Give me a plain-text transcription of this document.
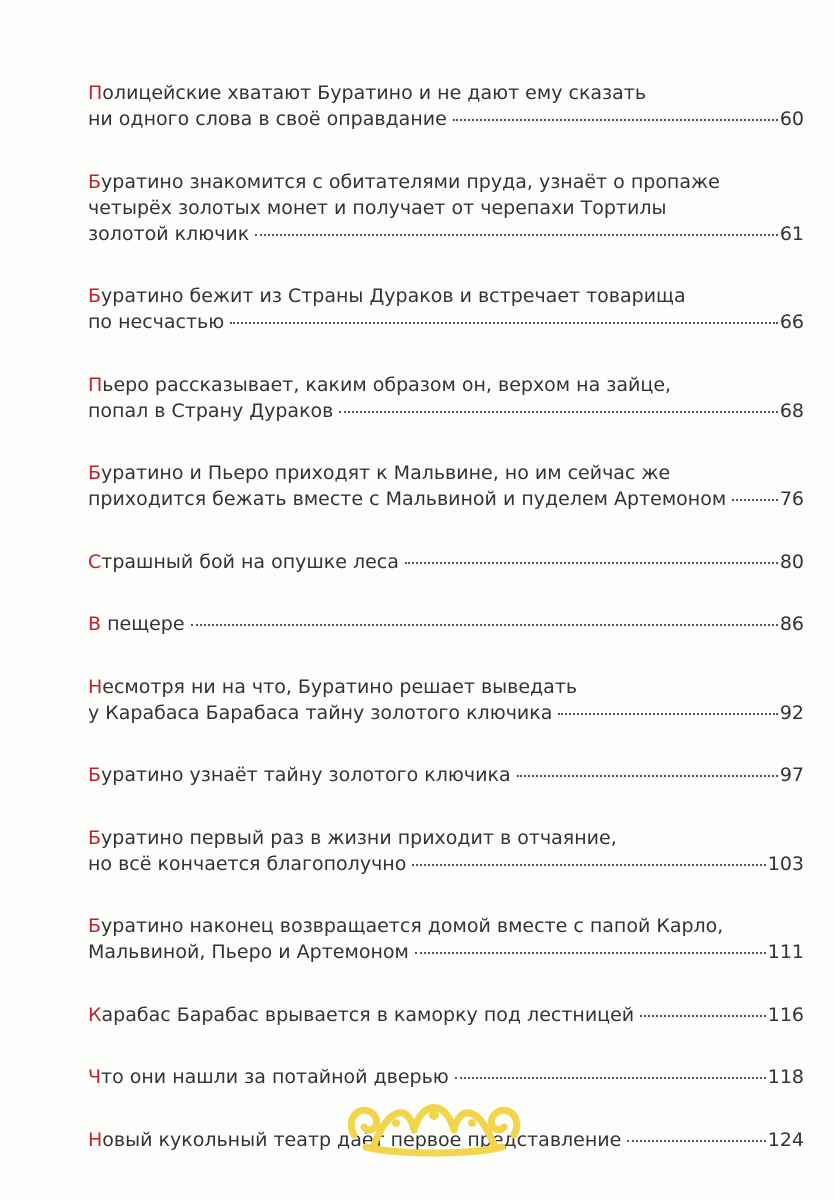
Полицейские хватают Буратино и не дают ему сказать
ни одного слова в своё оправдание	60
Буратино знакомится с обитателями пруда, узнаёт о пропаже
четырёх золотых монет и получает от черепахи Тортилы
золотой ключик	61
Буратино бежит из Страны Дураков и встречает товарища
по несчастью	66
Пьеро рассказывает, каким образом он, верхом на зайце,
попал в Страну Дураков	68
Буратино и Пьеро приходят к Мальвине, но им сейчас же
приходится бежать вместе с Мальвиной и пуделем Артемоном	76
Страшный бой на опушке леса	80
В пещере	86
Несмотря ни на что, Буратино решает выведать
у Карабаса Барабаса тайну золотого ключика	92
Буратино узнаёт тайну золотого ключика	97
Буратино первый раз в жизни приходит в отчаяние,
но всё кончается благополучно	103
Буратино наконец возвращается домой вместе с папой Карло,
Мальвиной, Пьеро и Артемоном	111
Карабас Барабас врывается в каморку под лестницей	116
Что они нашли за потайной дверью	118
Новый кукольный театр даёт первое представление	124
